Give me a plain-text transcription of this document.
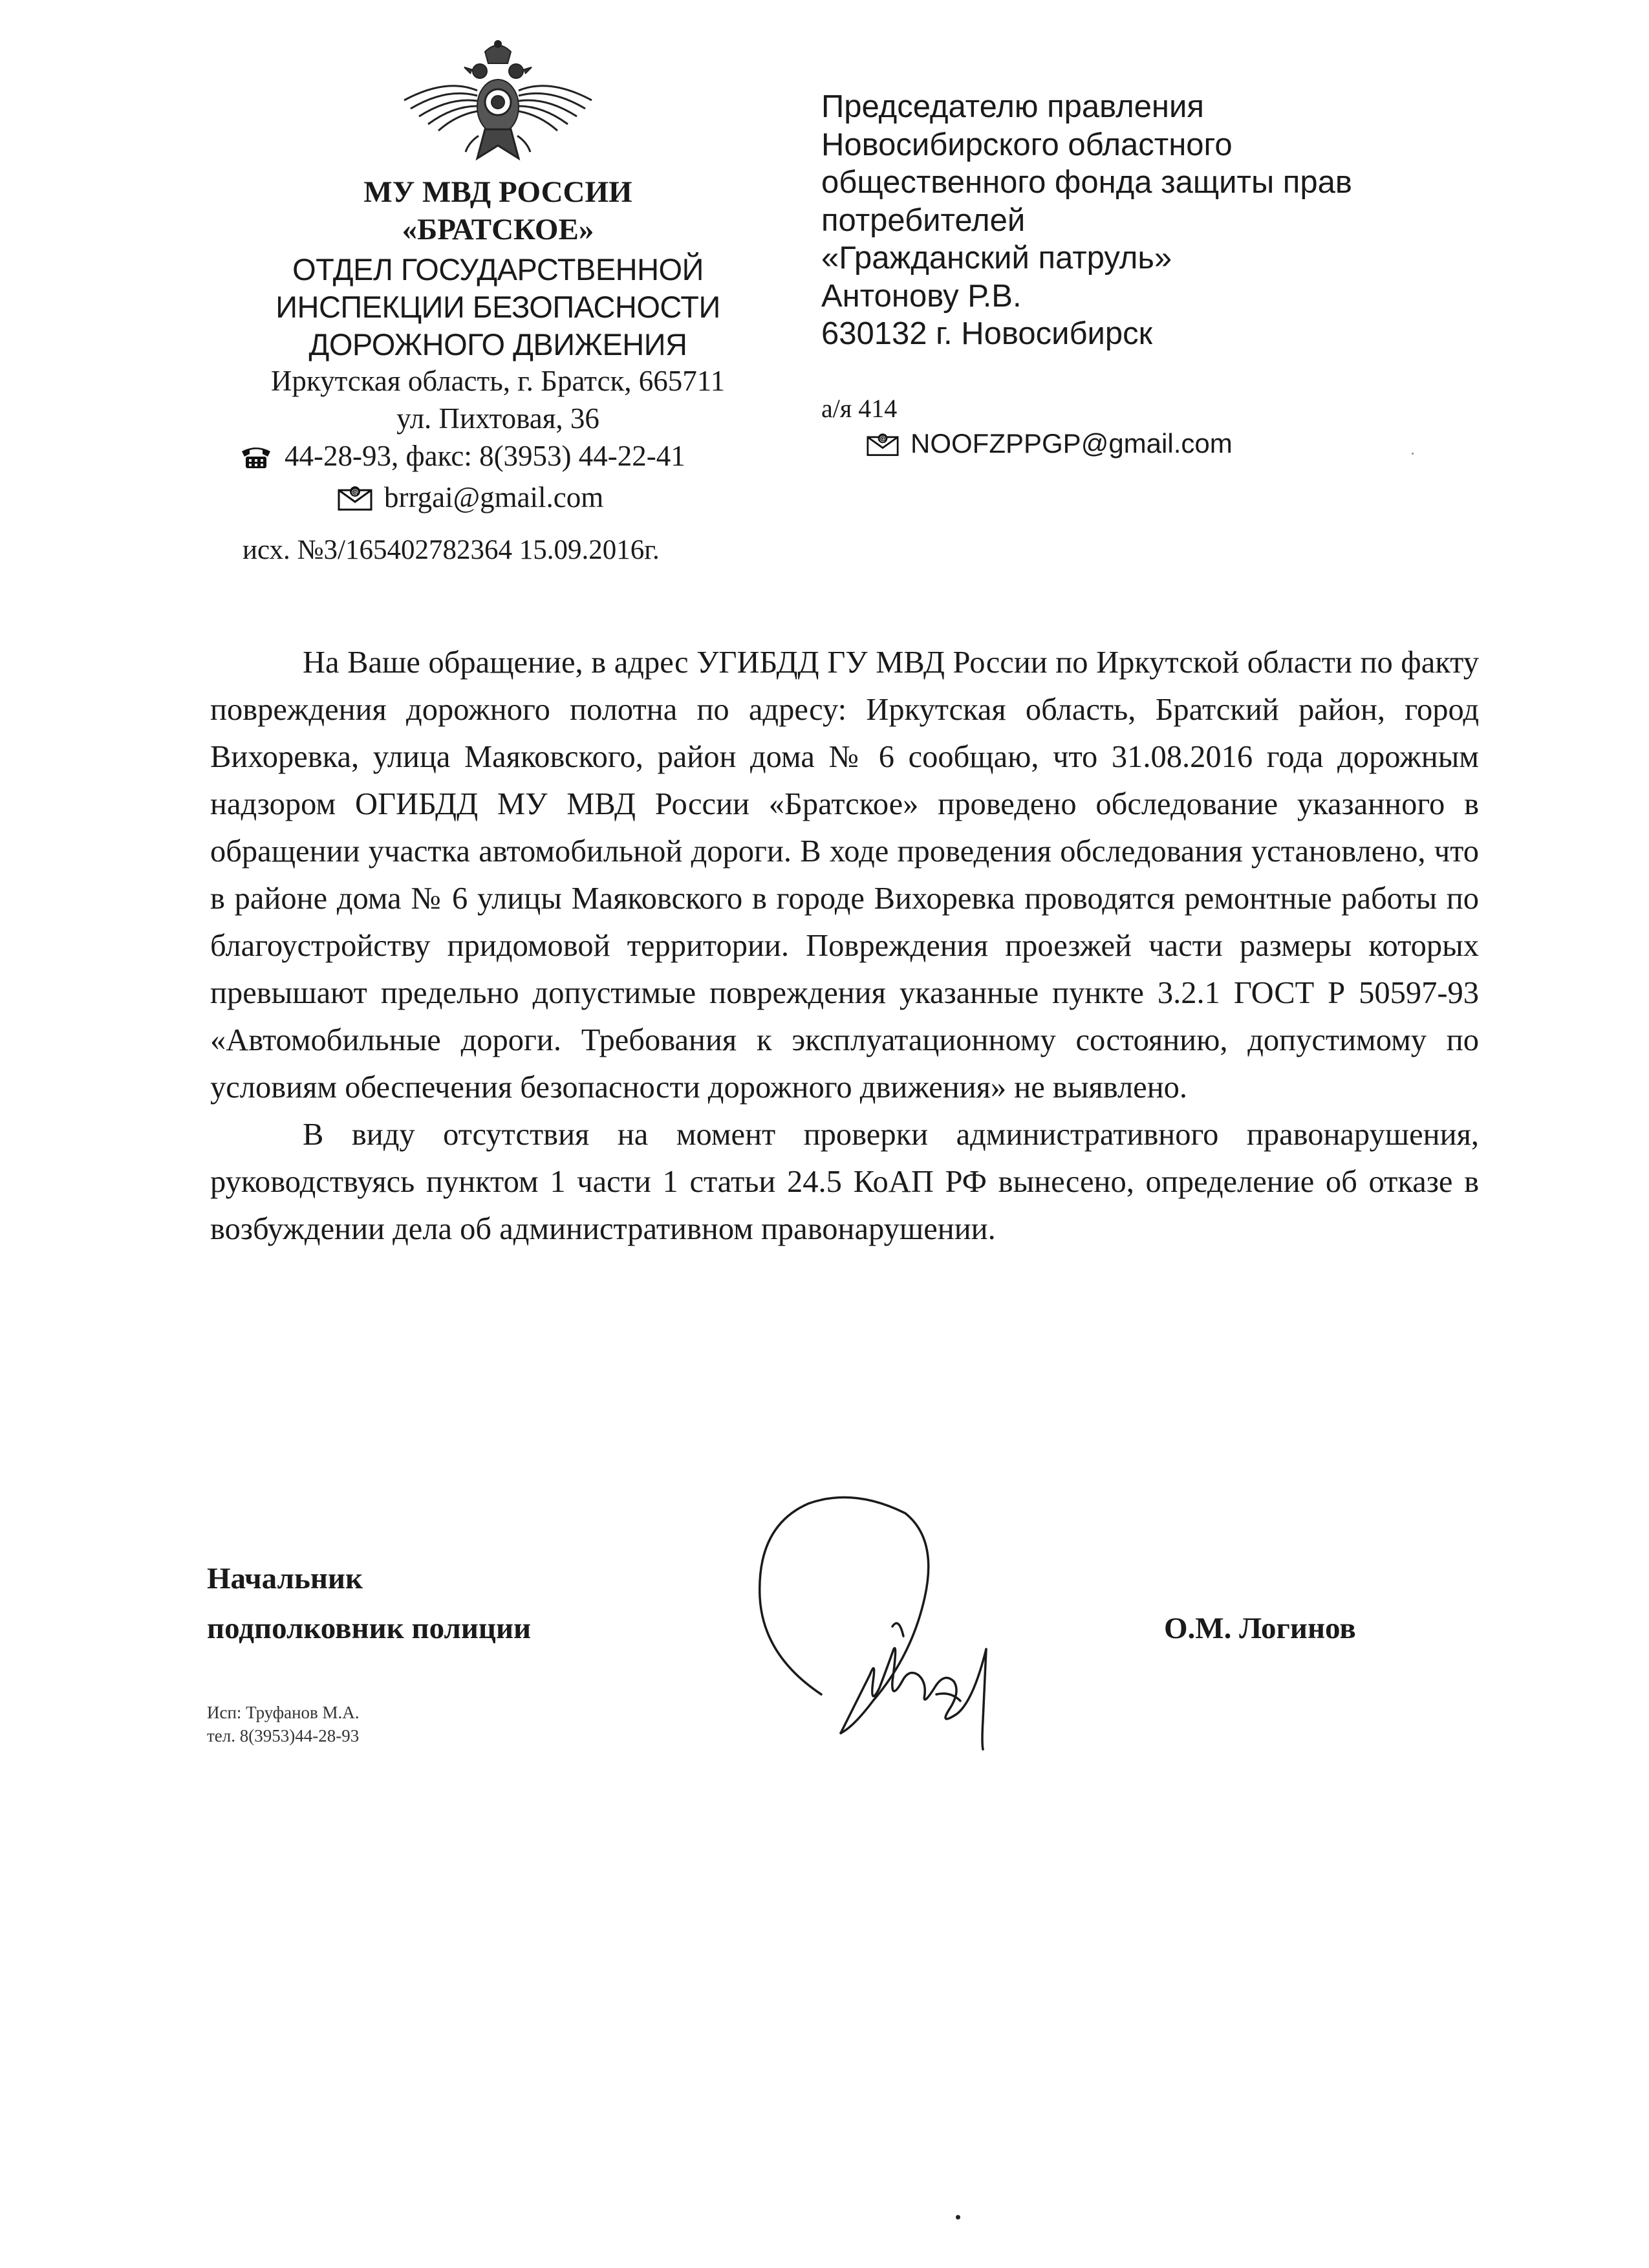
МУ МВД РОССИИ
«БРАТСКОЕ»
ОТДЕЛ ГОСУДАРСТВЕННОЙ
ИНСПЕКЦИИ БЕЗОПАСНОСТИ
ДОРОЖНОГО ДВИЖЕНИЯ
Иркутская область, г. Братск, 665711
ул. Пихтовая, 36
44-28-93, факс: 8(3953) 44-22-41
@ brrgai@gmail.com
исх. №3/165402782364 15.09.2016г.
Председателю правления
Новосибирского областного
общественного фонда защиты прав
потребителей
«Гражданский патруль»
Антонову Р.В.
630132 г. Новосибирск
а/я 414
@ NOOFZPPGP@gmail.com

На Ваше обращение, в адрес УГИБДД ГУ МВД России по Иркутской области по факту повреждения дорожного полотна по адресу: Иркутская область, Братский район, город Вихоревка, улица Маяковского, район дома № 6 сообщаю, что 31.08.2016 года дорожным надзором ОГИБДД МУ МВД России «Братское» проведено обследование указанного в обращении участка автомобильной дороги. В ходе проведения обследования установлено, что в районе дома № 6 улицы Маяковского в городе Вихоревка проводятся ремонтные работы по благоустройству придомовой территории. Повреждения проезжей части размеры которых превышают предельно допустимые повреждения указанные пункте 3.2.1 ГОСТ Р 50597-93 «Автомобильные дороги. Требования к эксплуатационному состоянию, допустимому по условиям обеспечения безопасности дорожного движения» не выявлено.

В виду отсутствия на момент проверки административного правонарушения, руководствуясь пунктом 1 части 1 статьи 24.5 КоАП РФ вынесено, определение об отказе в возбуждении дела об административном правонарушении.

Начальник
подполковник полиции	О.М. Логинов
Исп: Труфанов М.А.
тел. 8(3953)44-28-93
